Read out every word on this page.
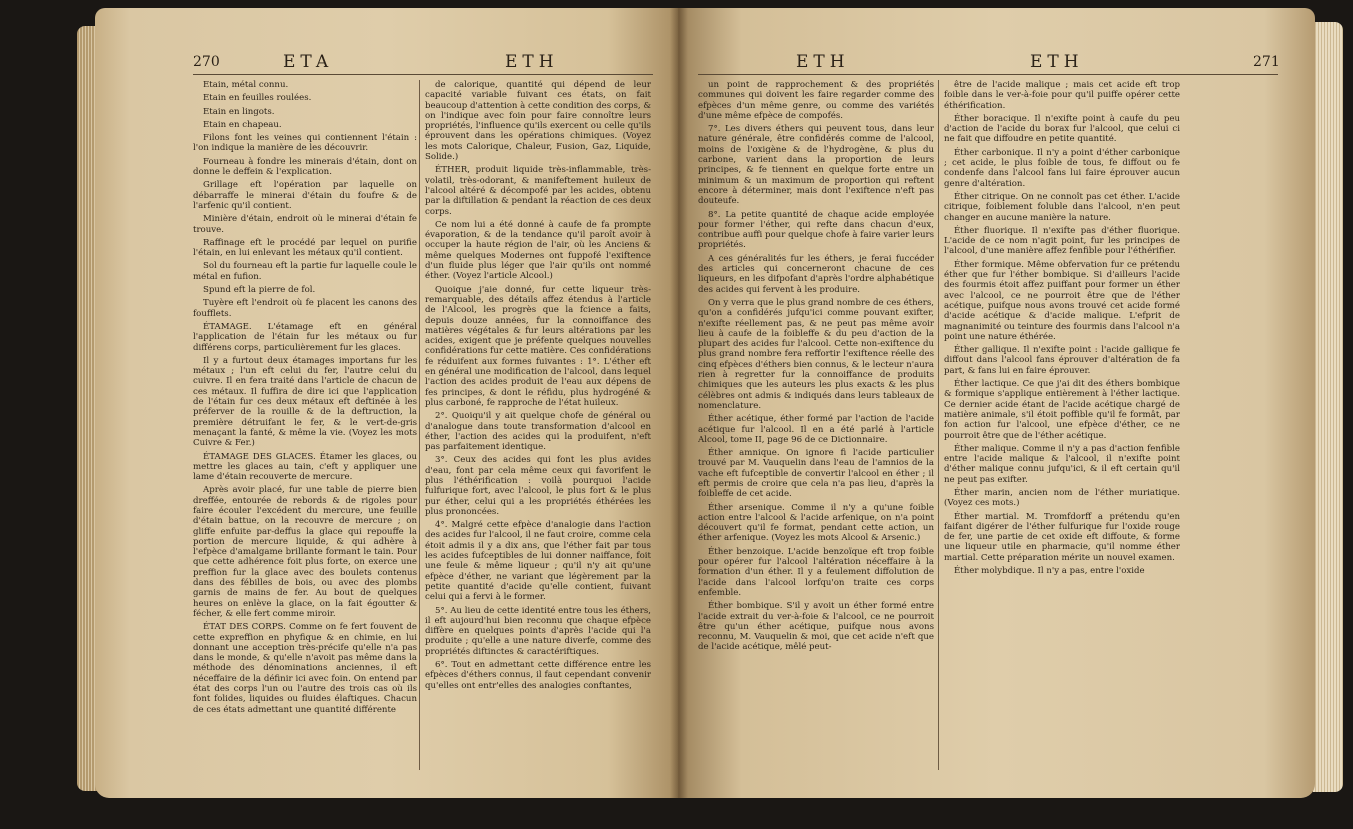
270	ETA	ETH

Etain, métal connu.

Etain en feuilles roulées.

Etain en lingots.

Etain en chapeau.

Filons font les veines qui contiennent l'étain : l'on indique la manière de les découvrir.

Fourneau à fondre les minerais d'étain, dont on donne le deffein & l'explication.

Grillage eft l'opération par laquelle on débarraffe le minerai d'étain du foufre & de l'arfenic qu'il contient.

Minière d'étain, endroit où le minerai d'étain fe trouve.

Raffinage eft le procédé par lequel on purifie l'étain, en lui enlevant les métaux qu'il contient.

Sol du fourneau eft la partie fur laquelle coule le métal en fufion.

Spund eft la pierre de fol.

Tuyère eft l'endroit où fe placent les canons des foufflets.

ÉTAMAGE. L'étamage eft en général l'application de l'étain fur les métaux ou fur différens corps, particulièrement fur les glaces.

Il y a furtout deux étamages importans fur les métaux ; l'un eft celui du fer, l'autre celui du cuivre. Il en fera traité dans l'article de chacun de ces métaux. Il fuffira de dire ici que l'application de l'étain fur ces deux métaux eft deftinée à les préferver de la rouille & de la deftruction, la première détruifant le fer, & le vert-de-gris menaçant la fanté, & même la vie. (Voyez les mots Cuivre & Fer.)

ÉTAMAGE DES GLACES. Étamer les glaces, ou mettre les glaces au tain, c'eft y appliquer une lame d'étain recouverte de mercure.

Après avoir placé, fur une table de pierre bien dreffée, entourée de rebords & de rigoles pour faire écouler l'excédent du mercure, une feuille d'étain battue, on la recouvre de mercure ; on gliffe enfuite par-deffus la glace qui repouffe la portion de mercure liquide, & qui adhère à l'efpèce d'amalgame brillante formant le tain. Pour que cette adhérence foit plus forte, on exerce une preffion fur la glace avec des boulets contenus dans des fébilles de bois, ou avec des plombs garnis de mains de fer. Au bout de quelques heures on enlève la glace, on la fait égoutter & fécher, & elle fert comme miroir.

ÉTAT DES CORPS. Comme on fe fert fouvent de cette expreffion en phyfique & en chimie, en lui donnant une acception très-précife qu'elle n'a pas dans le monde, & qu'elle n'avoit pas même dans la méthode des dénominations anciennes, il eft néceffaire de la définir ici avec foin. On entend par état des corps l'un ou l'autre des trois cas où ils font folides, liquides ou fluides élaftiques. Chacun de ces états admettant une quantité différente

de calorique, quantité qui dépend de leur capacité variable fuivant ces états, on fait beaucoup d'attention à cette condition des corps, & on l'indique avec foin pour faire connoître leurs propriétés, l'influence qu'ils exercent ou celle qu'ils éprouvent dans les opérations chimiques. (Voyez les mots Calorique, Chaleur, Fusion, Gaz, Liquide, Solide.)

ÉTHER, produit liquide très-inflammable, très-volatil, très-odorant, & manifeftement huileux de l'alcool altéré & décompofé par les acides, obtenu par la diftillation & pendant la réaction de ces deux corps.

Ce nom lui a été donné à caufe de fa prompte évaporation, & de la tendance qu'il paroît avoir à occuper la haute région de l'air, où les Anciens & même quelques Modernes ont fuppofé l'exiftence d'un fluide plus léger que l'air qu'ils ont nommé éther. (Voyez l'article Alcool.)

Quoique j'aie donné, fur cette liqueur très-remarquable, des détails affez étendus à l'article de l'Alcool, les progrès que la fcience a faits, depuis douze années, fur la connoiffance des matières végétales & fur leurs altérations par les acides, exigent que je préfente quelques nouvelles confidérations fur cette matière. Ces confidérations fe réduifent aux formes fuivantes : 1°. L'éther eft en général une modification de l'alcool, dans lequel l'action des acides produit de l'eau aux dépens de fes principes, & dont le réfidu, plus hydrogéné & plus carboné, fe rapproche de l'état huileux.

2°. Quoiqu'il y ait quelque chofe de général ou d'analogue dans toute transformation d'alcool en éther, l'action des acides qui la produifent, n'eft pas parfaitement identique.

3°. Ceux des acides qui font les plus avides d'eau, font par cela même ceux qui favorifent le plus l'éthérification : voilà pourquoi l'acide fulfurique fort, avec l'alcool, le plus fort & le plus pur éther, celui qui a les propriétés éthérées les plus prononcées.

4°. Malgré cette efpèce d'analogie dans l'action des acides fur l'alcool, il ne faut croire, comme cela étoit admis il y a dix ans, que l'éther fait par tous les acides fufceptibles de lui donner naiffance, foit une feule & même liqueur ; qu'il n'y ait qu'une efpèce d'éther, ne variant que légèrement par la petite quantité d'acide qu'elle contient, fuivant celui qui a fervi à le former.

5°. Au lieu de cette identité entre tous les éthers, il eft aujourd'hui bien reconnu que chaque efpèce diffère en quelques points d'après l'acide qui l'a produite ; qu'elle a une nature diverfe, comme des propriétés diftinctes & caractériftiques.

6°. Tout en admettant cette différence entre les efpèces d'éthers connus, il faut cependant convenir qu'elles ont entr'elles des analogies conftantes,

ETH	ETH	271

un point de rapprochement & des propriétés communes qui doivent les faire regarder comme des efpèces d'un même genre, ou comme des variétés d'une même efpèce de compofés.

7°. Les divers éthers qui peuvent tous, dans leur nature générale, être confidérés comme de l'alcool, moins de l'oxigène & de l'hydrogène, & plus du carbone, varient dans la proportion de leurs principes, & fe tiennent en quelque forte entre un minimum & un maximum de proportion qui reftent encore à déterminer, mais dont l'exiftence n'eft pas douteufe.

8°. La petite quantité de chaque acide employée pour former l'éther, qui refte dans chacun d'eux, contribue auffi pour quelque chofe à faire varier leurs propriétés.

A ces généralités fur les éthers, je ferai fuccéder des articles qui concerneront chacune de ces liqueurs, en les difpofant d'après l'ordre alphabétique des acides qui fervent à les produire.

On y verra que le plus grand nombre de ces éthers, qu'on a confidérés jufqu'ici comme pouvant exifter, n'exifte réellement pas, & ne peut pas même avoir lieu à caufe de la foibleffe & du peu d'action de la plupart des acides fur l'alcool. Cette non-exiftence du plus grand nombre fera reffortir l'exiftence réelle des cinq efpèces d'éthers bien connus, & le lecteur n'aura rien à regretter fur la connoiffance de produits chimiques que les auteurs les plus exacts & les plus célèbres ont admis & indiqués dans leurs tableaux de nomenclature.

Éther acétique, éther formé par l'action de l'acide acétique fur l'alcool. Il en a été parlé à l'article Alcool, tome II, page 96 de ce Dictionnaire.

Éther amnique. On ignore fi l'acide particulier trouvé par M. Vauquelin dans l'eau de l'amnios de la vache eft fufceptible de convertir l'alcool en éther ; il eft permis de croire que cela n'a pas lieu, d'après la foibleffe de cet acide.

Éther arsenique. Comme il n'y a qu'une foible action entre l'alcool & l'acide arfenique, on n'a point découvert qu'il fe format, pendant cette action, un éther arfenique. (Voyez les mots Alcool & Arsenic.)

Éther benzoique. L'acide benzoïque eft trop foible pour opérer fur l'alcool l'altération néceffaire à la formation d'un éther. Il y a feulement diffolution de l'acide dans l'alcool lorfqu'on traite ces corps enfemble.

Éther bombique. S'il y avoit un éther formé entre l'acide extrait du ver-à-foie & l'alcool, ce ne pourroit être qu'un éther acétique, puifque nous avons reconnu, M. Vauquelin & moi, que cet acide n'eft que de l'acide acétique, mêlé peut-

être de l'acide malique ; mais cet acide eft trop foible dans le ver-à-foie pour qu'il puiffe opérer cette éthérification.

Éther boracique. Il n'exifte point à caufe du peu d'action de l'acide du borax fur l'alcool, que celui ci ne fait que diffoudre en petite quantité.

Éther carbonique. Il n'y a point d'éther carbonique ; cet acide, le plus foible de tous, fe diffout ou fe condenfe dans l'alcool fans lui faire éprouver aucun genre d'altération.

Éther citrique. On ne connoît pas cet éther. L'acide citrique, foiblement foluble dans l'alcool, n'en peut changer en aucune manière la nature.

Éther fluorique. Il n'exifte pas d'éther fluorique. L'acide de ce nom n'agit point, fur les principes de l'alcool, d'une manière affez fenfible pour l'éthérifier.

Éther formique. Même obfervation fur ce prétendu éther que fur l'éther bombique. Si d'ailleurs l'acide des fourmis étoit affez puiffant pour former un éther avec l'alcool, ce ne pourroit être que de l'éther acétique, puifque nous avons trouvé cet acide formé d'acide acétique & d'acide malique. L'efprit de magnanimité ou teinture des fourmis dans l'alcool n'a point une nature éthérée.

Éther gallique. Il n'exifte point : l'acide gallique fe diffout dans l'alcool fans éprouver d'altération de fa part, & fans lui en faire éprouver.

Éther lactique. Ce que j'ai dit des éthers bombique & formique s'applique entièrement à l'éther lactique. Ce dernier acide étant de l'acide acétique chargé de matière animale, s'il étoit poffible qu'il fe formât, par fon action fur l'alcool, une efpèce d'éther, ce ne pourroit être que de l'éther acétique.

Éther malique. Comme il n'y a pas d'action fenfible entre l'acide malique & l'alcool, il n'exifte point d'éther malique connu jufqu'ici, & il eft certain qu'il ne peut pas exifter.

Éther marin, ancien nom de l'éther muriatique. (Voyez ces mots.)

Éther martial. M. Tromfdorff a prétendu qu'en faifant digérer de l'éther fulfurique fur l'oxide rouge de fer, une partie de cet oxide eft diffoute, & forme une liqueur utile en pharmacie, qu'il nomme éther martial. Cette préparation mérite un nouvel examen.

Éther molybdique. Il n'y a pas, entre l'oxide
